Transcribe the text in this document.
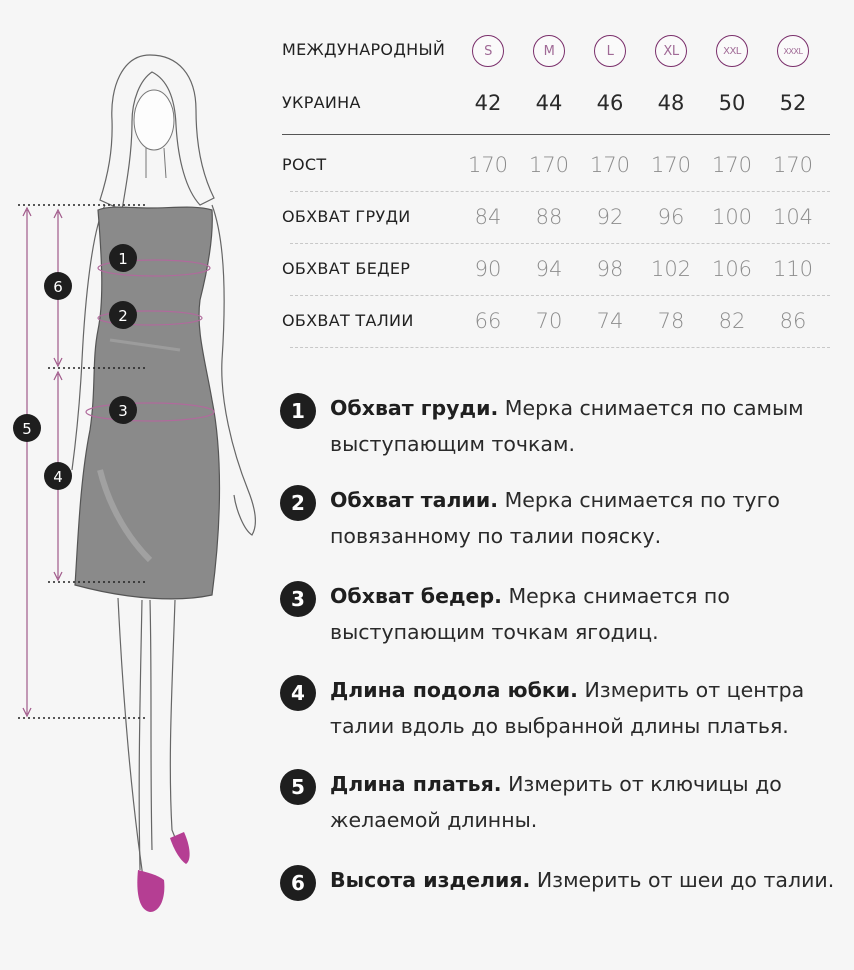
1
2
3
4
5
6
МЕЖДУНАРОДНЫЙ	S	M	L	XL	XXL	XXXL
УКРАИНА	42	44	46	48	50	52
РОСТ	170 170 170 170 170 170
ОБХВАТ ГРУДИ	84	88	92	96	100 104
ОБХВАТ БЕДЕР	90	94	98	102 106 110
ОБХВАТ ТАЛИИ	66	70	74	78	82	86
1	Обхват груди. Мерка снимается по самым выступающим точкам.
2	Обхват талии. Мерка снимается по туго повязанному по талии пояску.
3	Обхват бедер. Мерка снимается по выступающим точкам ягодиц.
4	Длина подола юбки. Измерить от центра талии вдоль до выбранной длины платья.
5	Длина платья. Измерить от ключицы до желаемой длинны.
6	Высота изделия. Измерить от шеи до талии.
